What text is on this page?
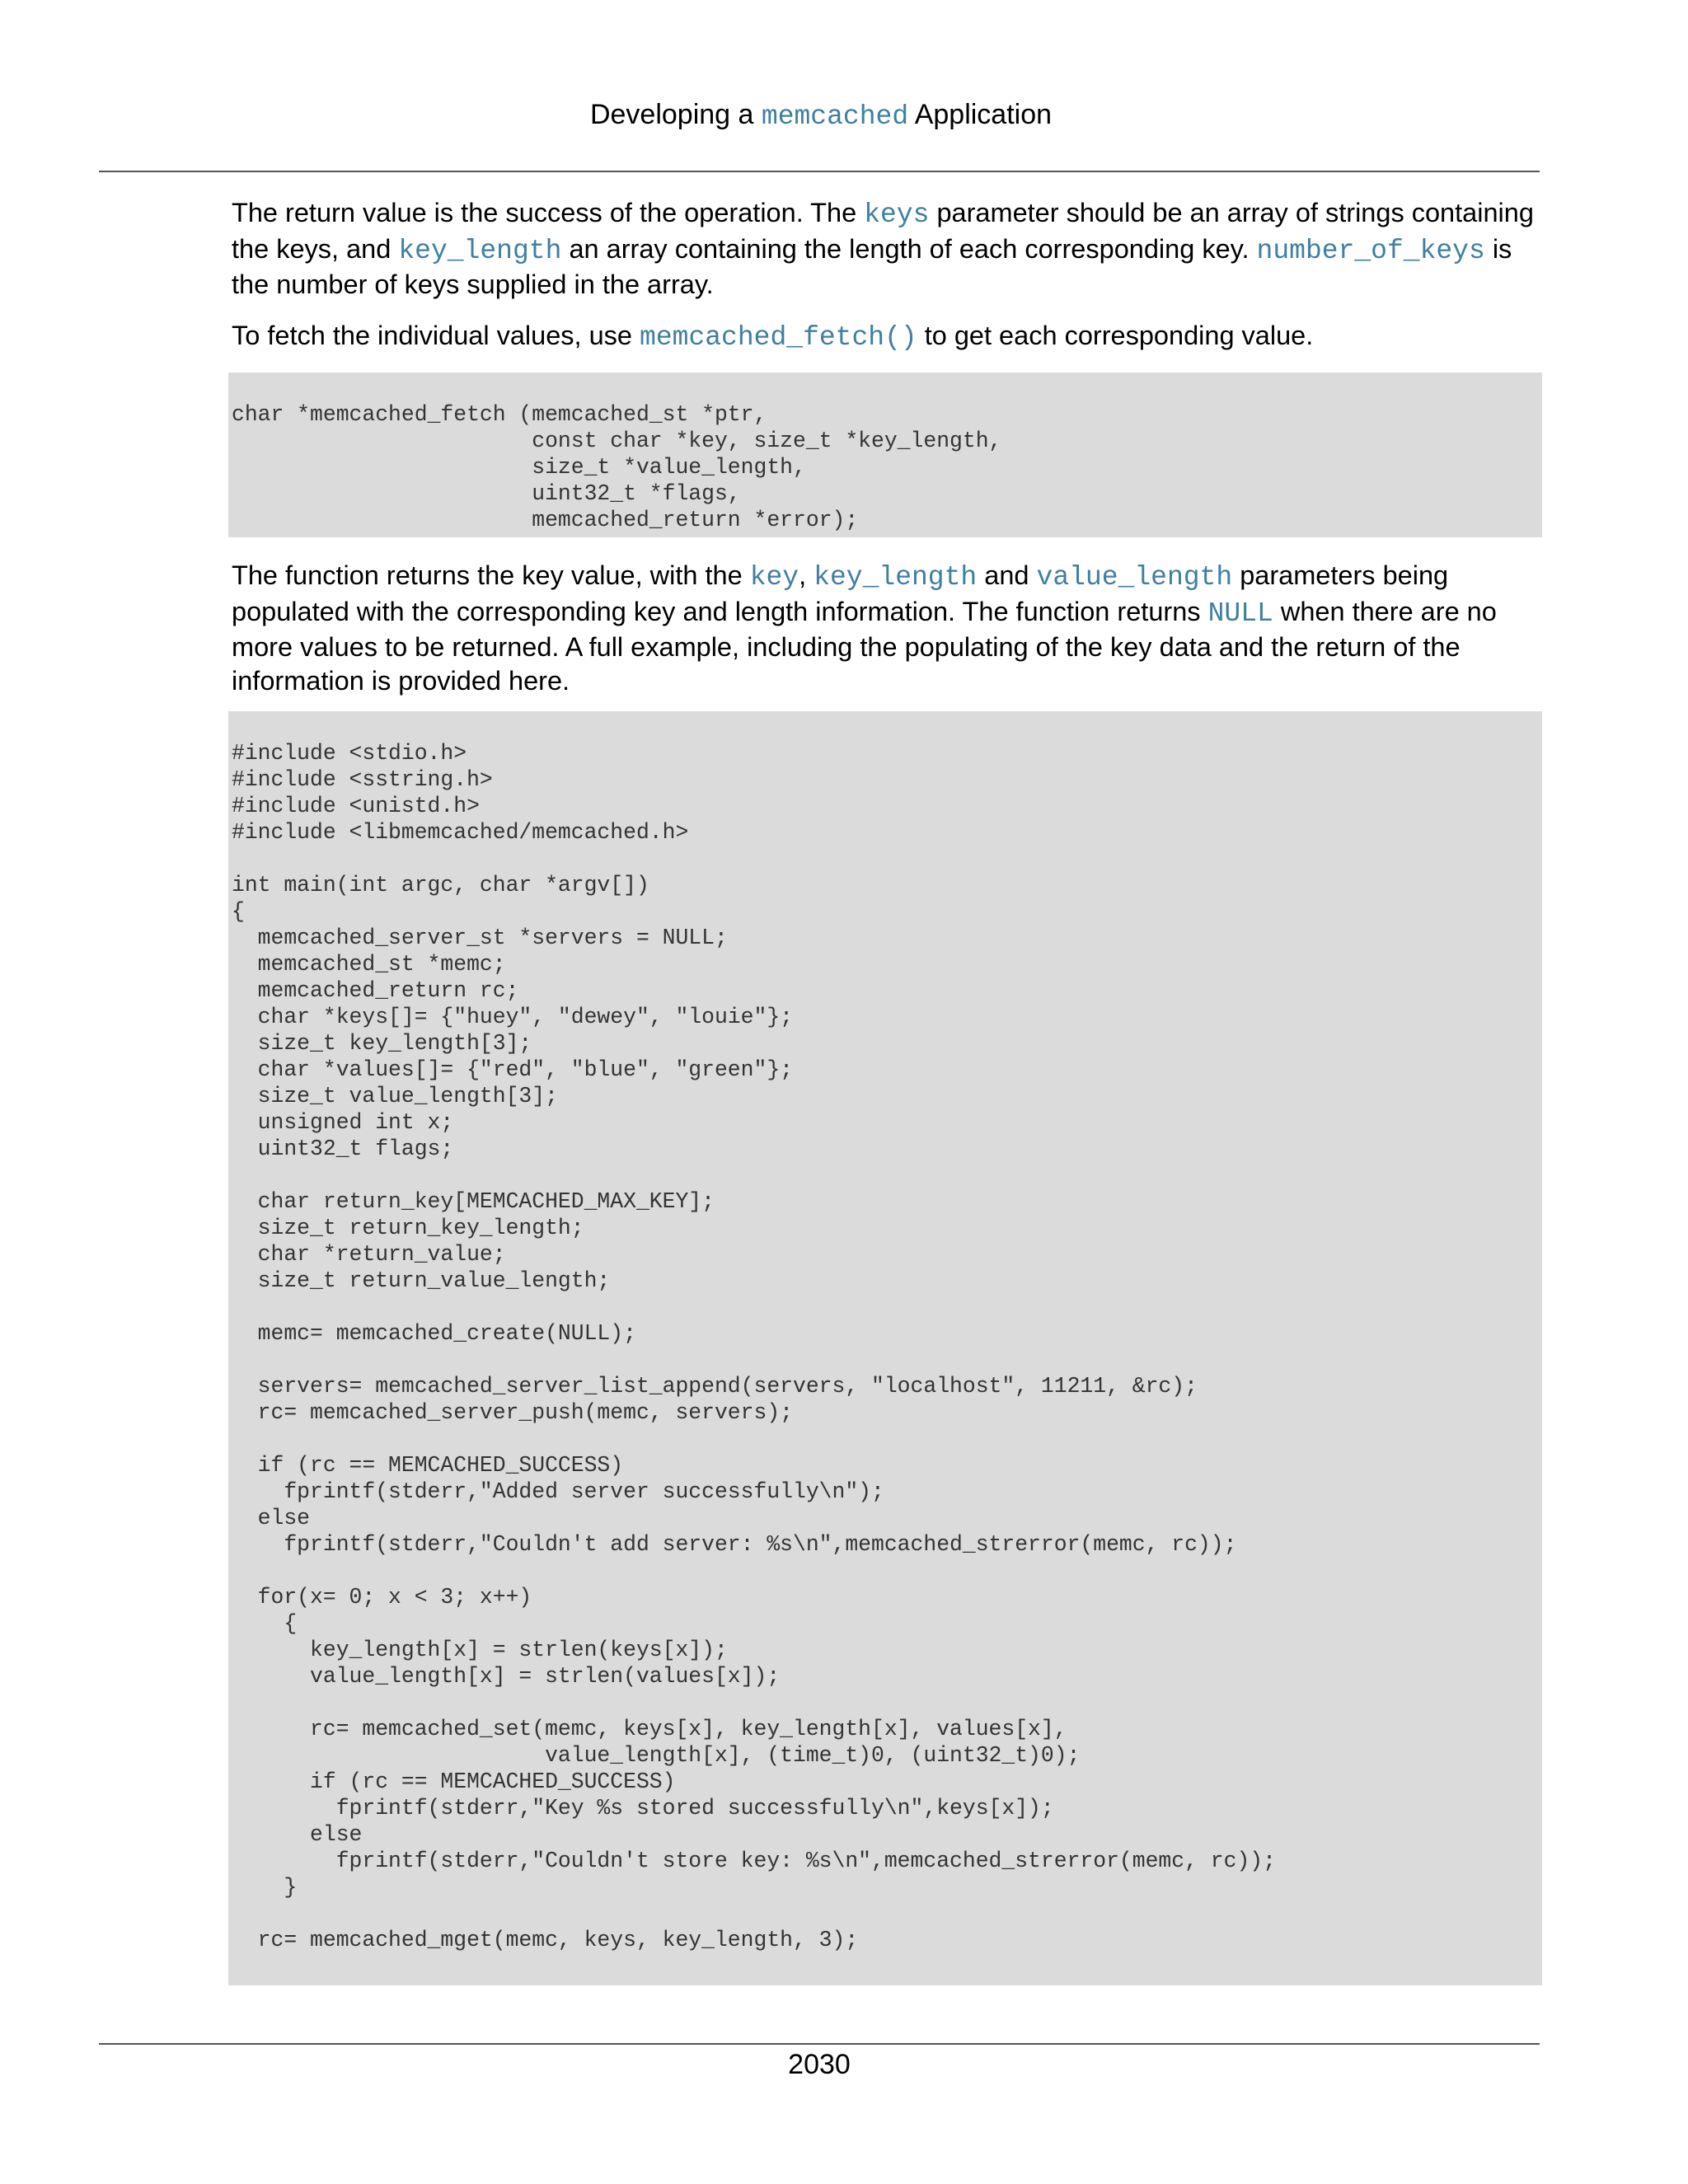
Developing a memcached Application

The return value is the success of the operation. The keys parameter should be an array of strings containing the keys, and key_length an array containing the length of each corresponding key. number_of_keys is the number of keys supplied in the array.

To fetch the individual values, use memcached_fetch() to get each corresponding value.

char *memcached_fetch (memcached_st *ptr,
const char *key, size_t *key_length,
size_t *value_length,
uint32_t *flags,
memcached_return *error);

The function returns the key value, with the key, key_length and value_length parameters being populated with the corresponding key and length information. The function returns NULL when there are no more values to be returned. A full example, including the populating of the key data and the return of the information is provided here.

#include <stdio.h>
#include <sstring.h>
#include <unistd.h>
#include <libmemcached/memcached.h>

int main(int argc, char *argv[])
{
memcached_server_st *servers = NULL;
memcached_st *memc;
memcached_return rc;
char *keys[]= {"huey", "dewey", "louie"};
size_t key_length[3];
char *values[]= {"red", "blue", "green"};
size_t value_length[3];
unsigned int x;
uint32_t flags;

char return_key[MEMCACHED_MAX_KEY];
size_t return_key_length;
char *return_value;
size_t return_value_length;

memc= memcached_create(NULL);

servers= memcached_server_list_append(servers, "localhost", 11211, &rc);
rc= memcached_server_push(memc, servers);

if (rc == MEMCACHED_SUCCESS)
fprintf(stderr,"Added server successfully\n");
else
fprintf(stderr,"Couldn't add server: %s\n",memcached_strerror(memc, rc));

for(x= 0; x < 3; x++)
{
key_length[x] = strlen(keys[x]);
value_length[x] = strlen(values[x]);

rc= memcached_set(memc, keys[x], key_length[x], values[x],
value_length[x], (time_t)0, (uint32_t)0);
if (rc == MEMCACHED_SUCCESS)
fprintf(stderr,"Key %s stored successfully\n",keys[x]);
else
fprintf(stderr,"Couldn't store key: %s\n",memcached_strerror(memc, rc));
}

rc= memcached_mget(memc, keys, key_length, 3);
2030
